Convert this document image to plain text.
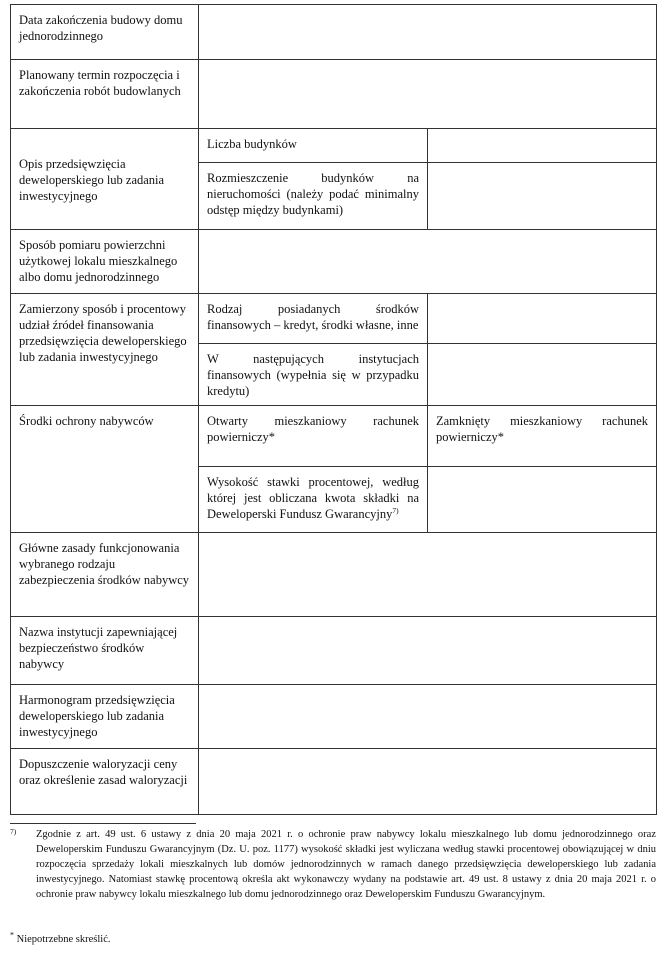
Data zakończenia budowy domu jednorodzinnego		
Planowany termin rozpoczęcia i zakończenia robót budowlanych		
Opis przedsięwzięcia deweloperskiego lub zadania inwestycyjnego	Liczba budynków	
	Rozmieszczenie budynków na nieruchomości (należy podać minimalny odstęp między budynkami)	
Sposób pomiaru powierzchni użytkowej lokalu mieszkalnego albo domu jednorodzinnego		
Zamierzony sposób i procentowy udział źródeł finansowania przedsięwzięcia deweloperskiego lub zadania inwestycyjnego	Rodzaj posiadanych środków finansowych – kredyt, środki własne, inne	
	W następujących instytucjach finansowych (wypełnia się w przypadku kredytu)	
Środki ochrony nabywców	Otwarty mieszkaniowy rachunek powierniczy*	Zamknięty mieszkaniowy rachunek powierniczy*
	Wysokość stawki procentowej, według której jest obliczana kwota składki na Deweloperski Fundusz Gwarancyjny$^{7)}$	
Główne zasady funkcjonowania wybranego rodzaju zabezpieczenia środków nabywcy		
Nazwa instytucji zapewniającej bezpieczeństwo środków nabywcy		
Harmonogram przedsięwzięcia deweloperskiego lub zadania inwestycyjnego		
Dopuszczenie waloryzacji ceny oraz określenie zasad waloryzacji		
7) Zgodnie z art. 49 ust. 6 ustawy z dnia 20 maja 2021 r. o ochronie praw nabywcy lokalu mieszkalnego lub domu jednorodzinnego oraz Deweloperskim Funduszu Gwarancyjnym (Dz. U. poz. 1177) wysokość składki jest wyliczana według stawki procentowej obowiązującej w dniu rozpoczęcia sprzedaży lokali mieszkalnych lub domów jednorodzinnych w ramach danego przedsięwzięcia deweloperskiego lub zadania inwestycyjnego. Natomiast stawkę procentową określa akt wykonawczy wydany na podstawie art. 49 ust. 8 ustawy z dnia 20 maja 2021 r. o ochronie praw nabywcy lokalu mieszkalnego lub domu jednorodzinnego oraz Deweloperskim Funduszu Gwarancyjnym.
* Niepotrzebne skreślić.
